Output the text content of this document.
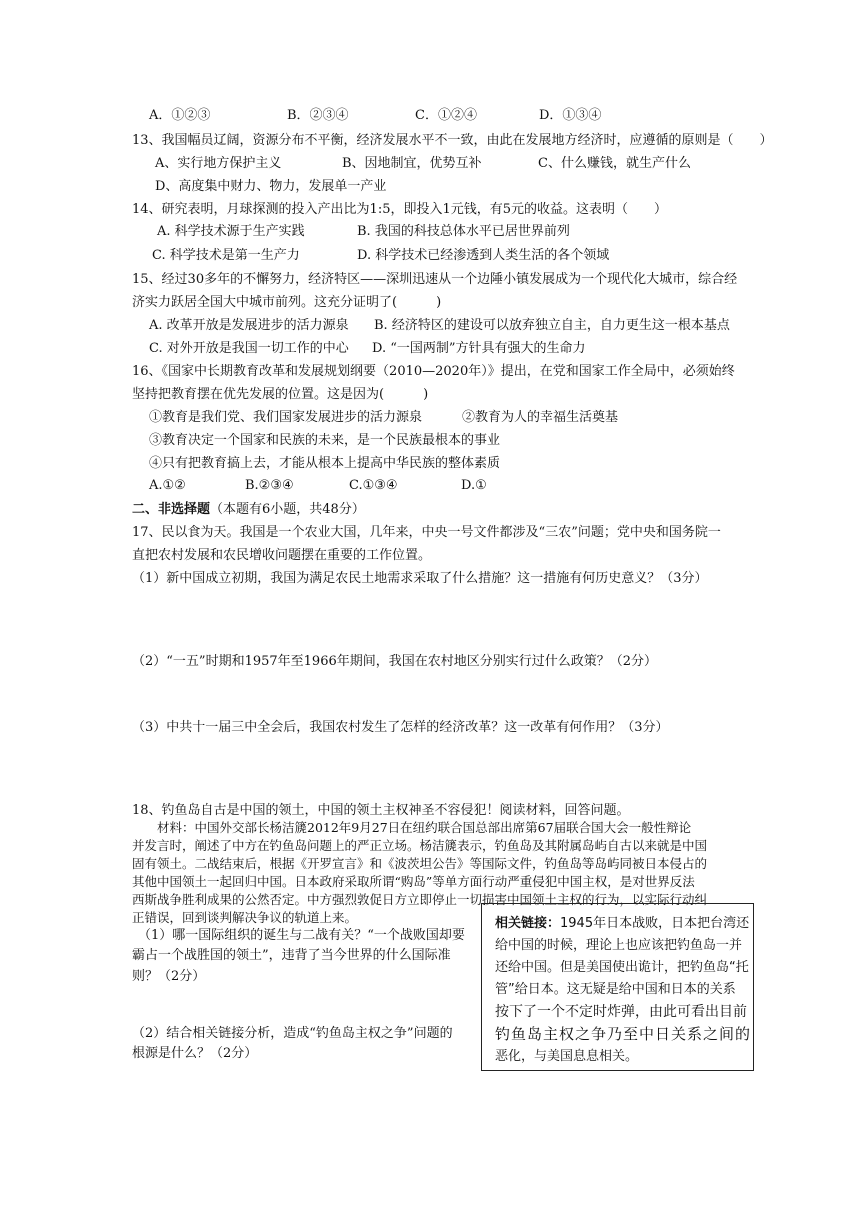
A．①②③	B．②③④	C．①②④	D．①③④
13、我国幅员辽阔，资源分布不平衡，经济发展水平不一致，由此在发展地方经济时，应遵循的原则是（　　）
A、实行地方保护主义	B、因地制宜，优势互补	C、什么赚钱，就生产什么
D、高度集中财力、物力，发展单一产业
14、研究表明，月球探测的投入产出比为1:5，即投入1元钱，有5元的收益。这表明（　　）
A. 科学技术源于生产实践	B. 我国的科技总体水平已居世界前列
C. 科学技术是第一生产力	D. 科学技术已经渗透到人类生活的各个领域
15、经过30多年的不懈努力，经济特区——深圳迅速从一个边陲小镇发展成为一个现代化大城市，综合经
济实力跃居全国大中城市前列。这充分证明了(　　　)
A. 改革开放是发展进步的活力源泉 B. 经济特区的建设可以放弃独立自主，自力更生这一根本基点
C. 对外开放是我国一切工作的中心 D. “一国两制”方针具有强大的生命力
16、《国家中长期教育改革和发展规划纲要（2010—2020年）》提出，在党和国家工作全局中，必须始终
坚持把教育摆在优先发展的位置。这是因为(　　　)
①教育是我们党、我们国家发展进步的活力源泉	②教育为人的幸福生活奠基
③教育决定一个国家和民族的未来，是一个民族最根本的事业
④只有把教育搞上去，才能从根本上提高中华民族的整体素质
A.①②	B.②③④	C.①③④	D.①
二、非选择题（本题有6小题，共48分）
17、民以食为天。我国是一个农业大国，几年来，中央一号文件都涉及“三农”问题；党中央和国务院一
直把农村发展和农民增收问题摆在重要的工作位置。
（1）新中国成立初期，我国为满足农民土地需求采取了什么措施？这一措施有何历史意义？（3分）
（2）“一五”时期和1957年至1966年期间，我国在农村地区分别实行过什么政策？（2分）
（3）中共十一届三中全会后，我国农村发生了怎样的经济改革？这一改革有何作用？（3分）
18、钓鱼岛自古是中国的领土，中国的领土主权神圣不容侵犯！阅读材料，回答问题。
材料：中国外交部长杨洁篪2012年9月27日在纽约联合国总部出席第67届联合国大会一般性辩论
并发言时，阐述了中方在钓鱼岛问题上的严正立场。杨洁篪表示，钓鱼岛及其附属岛屿自古以来就是中国
固有领土。二战结束后，根据《开罗宣言》和《波茨坦公告》等国际文件，钓鱼岛等岛屿同被日本侵占的
其他中国领土一起回归中国。日本政府采取所谓“购岛”等单方面行动严重侵犯中国主权，是对世界反法
西斯战争胜利成果的公然否定。中方强烈敦促日方立即停止一切损害中国领土主权的行为，以实际行动纠
正错误，回到谈判解决争议的轨道上来。
（1）哪一国际组织的诞生与二战有关？“一个战败国却要
霸占一个战胜国的领土”，违背了当今世界的什么国际准
则？（2分）
（2）结合相关链接分析，造成“钓鱼岛主权之争”问题的
根源是什么？（2分）
相关链接：1945年日本战败，日本把台湾还
给中国的时候，理论上也应该把钓鱼岛一并
还给中国。但是美国使出诡计，把钓鱼岛“托
管”给日本。这无疑是给中国和日本的关系
按下了一个不定时炸弹，由此可看出目前
钓鱼岛主权之争乃至中日关系之间的
恶化，与美国息息相关。
